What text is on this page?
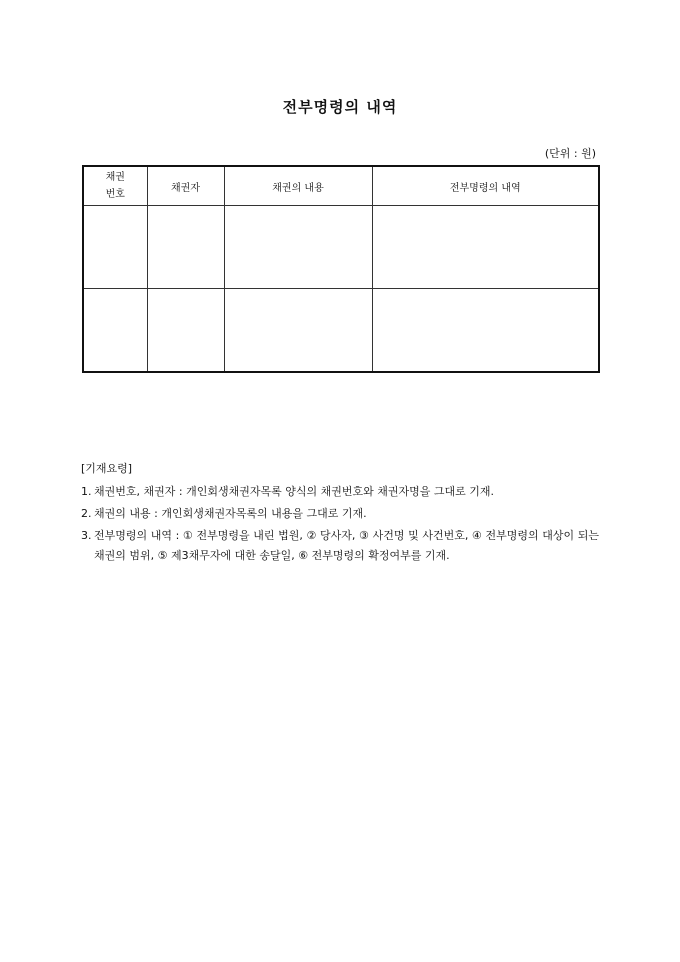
전부명령의 내역
(단위 : 원)
채권
번호	채권자	채권의 내용	전부명령의 내역

[기재요령]
1. 채권번호, 채권자 : 개인회생채권자목록 양식의 채권번호와 채권자명을 그대로 기재.
2. 채권의 내용 : 개인회생채권자목록의 내용을 그대로 기재.
3. 전부명령의 내역 : ① 전부명령을 내린 법원, ② 당사자, ③ 사건명 및 사건번호, ④ 전부명령의 대상이 되는 채권의 범위, ⑤ 제3채무자에 대한 송달일, ⑥ 전부명령의 확정여부를 기재.
